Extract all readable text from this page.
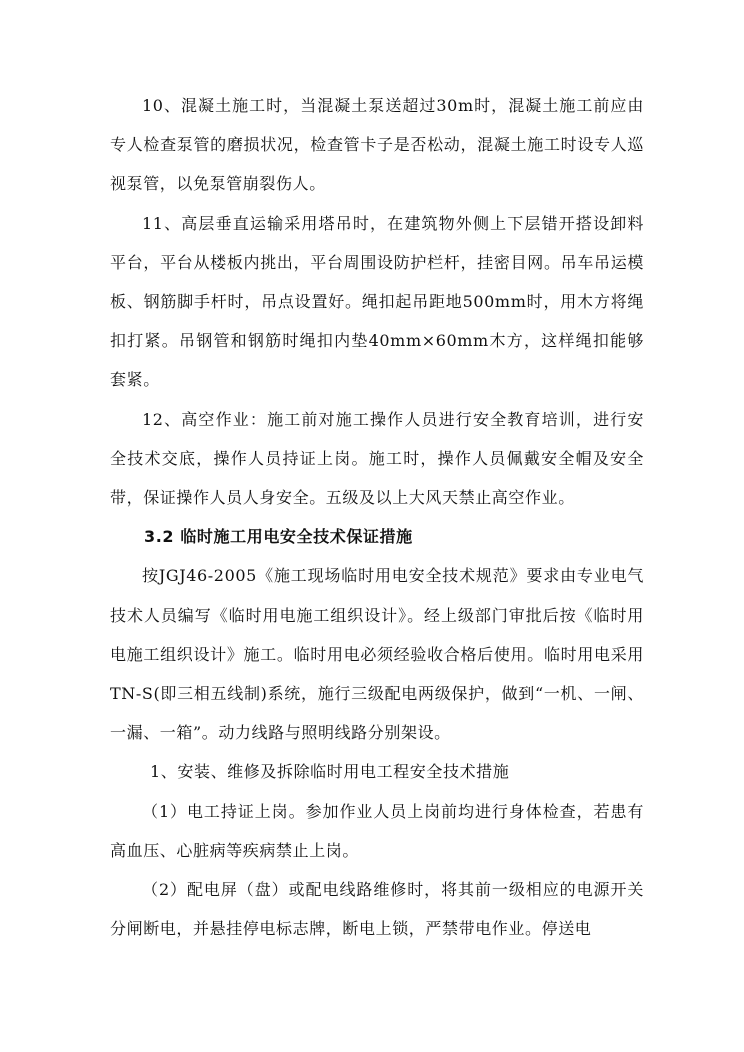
10、混凝土施工时，当混凝土泵送超过30m时，混凝土施工前应由专人检查泵管的磨损状况，检查管卡子是否松动，混凝土施工时设专人巡视泵管，以免泵管崩裂伤人。

11、高层垂直运输采用塔吊时，在建筑物外侧上下层错开搭设卸料平台，平台从楼板内挑出，平台周围设防护栏杆，挂密目网。吊车吊运模板、钢筋脚手杆时，吊点设置好。绳扣起吊距地500mm时，用木方将绳扣打紧。吊钢管和钢筋时绳扣内垫40mm×60mm木方，这样绳扣能够套紧。

12、高空作业：施工前对施工操作人员进行安全教育培训，进行安全技术交底，操作人员持证上岗。施工时，操作人员佩戴安全帽及安全带，保证操作人员人身安全。五级及以上大风天禁止高空作业。

3.2 临时施工用电安全技术保证措施

按JGJ46-2005《施工现场临时用电安全技术规范》要求由专业电气技术人员编写《临时用电施工组织设计》。经上级部门审批后按《临时用电施工组织设计》施工。临时用电必须经验收合格后使用。临时用电采用TN-S(即三相五线制)系统，施行三级配电两级保护，做到“一机、一闸、一漏、一箱”。动力线路与照明线路分别架设。

1、安装、维修及拆除临时用电工程安全技术措施

（1）电工持证上岗。参加作业人员上岗前均进行身体检查，若患有高血压、心脏病等疾病禁止上岗。

（2）配电屏（盘）或配电线路维修时，将其前一级相应的电源开关分闸断电，并悬挂停电标志牌，断电上锁，严禁带电作业。停送电
